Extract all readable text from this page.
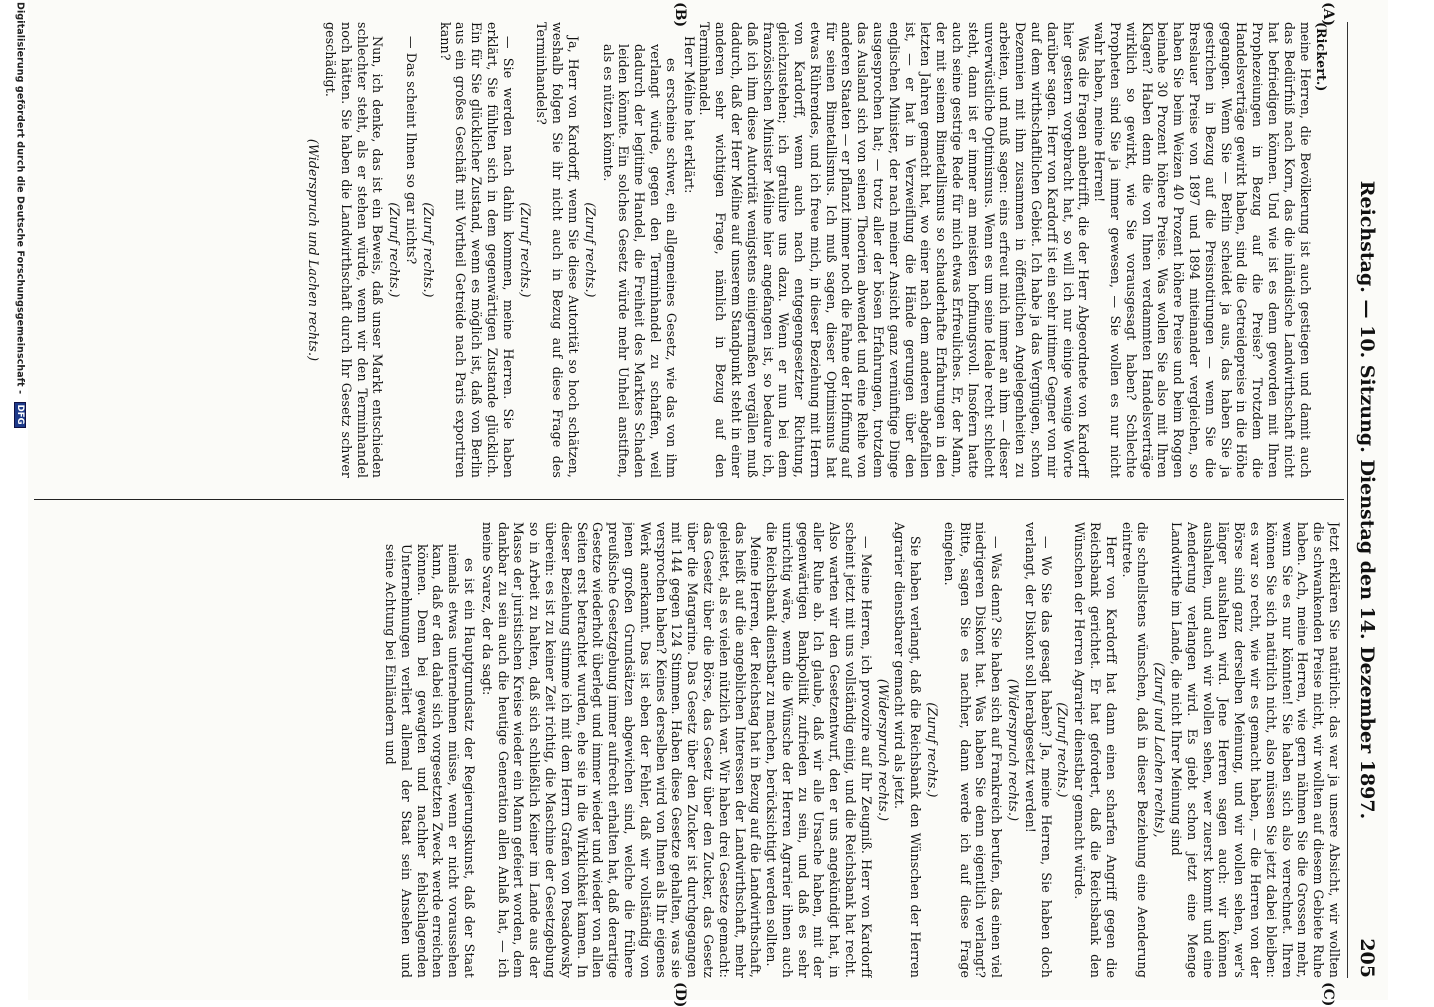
Reichstag. — 10. Sitzung. Dienstag den 14. Dezember 1897.
205
(A)
(B)
(C)
(D)

(Rickert.)

meine Herren, die Bevölkerung ist auch gestiegen und damit auch das Bedürfniß nach Korn, das die inländische Landwirthschaft nicht hat befriedigen können. Und wie ist es denn geworden mit Ihren Prophezeiungen in Bezug auf die Preise? Trotzdem die Handelsverträge gewirkt haben, sind die Getreidepreise in die Höhe gegangen. Wenn Sie — Berlin scheidet ja aus, das haben Sie ja gestrichen in Bezug auf die Preisnotirungen — wenn Sie die Breslauer Preise von 1897 und 1894 miteinander vergleichen, so haben Sie beim Weizen 40 Prozent höhere Preise und beim Roggen beinahe 30 Prozent höhere Preise. Was wollen Sie also mit Ihren Klagen? Haben denn die von Ihnen verdammten Handelsverträge wirklich so gewirkt, wie Sie vorausgesagt haben? Schlechte Propheten sind Sie ja immer gewesen, — Sie wollen es nur nicht wahr haben, meine Herren!

Was die Fragen anbetrifft, die der Herr Abgeordnete von Kardorff hier gestern vorgebracht hat, so will ich nur einige wenige Worte darüber sagen. Herr von Kardorff ist ein sehr intimer Gegner von mir auf dem wirthschaftlichen Gebiet. Ich habe ja das Vergnügen, schon Dezennien mit ihm zusammen in öffentlichen Angelegenheiten zu arbeiten, und muß sagen: eins erfreut mich immer an ihm — dieser unverwüstliche Optimismus. Wenn es um seine Ideale recht schlecht steht, dann ist er immer am meisten hoffnungsvoll. Insofern hatte auch seine gestrige Rede für mich etwas Erfreuliches. Er, der Mann, der mit seinem Bimetallismus so schauderhafte Erfahrungen in den letzten Jahren gemacht hat, wo einer nach dem anderen abgefallen ist, — er hat in Verzweiflung die Hände gerungen über den englischen Minister, der nach meiner Ansicht ganz vernünftige Dinge ausgesprochen hat; — trotz aller der bösen Erfahrungen, trotzdem das Ausland sich von seinen Theorien abwendet und eine Reihe von anderen Staaten — er pflanzt immer noch die Fahne der Hoffnung auf für seinen Bimetallismus. Ich muß sagen, dieser Optimismus hat etwas Rührendes, und ich freue mich, in dieser Beziehung mit Herrn von Kardorff, wenn auch nach entgegengesetzter Richtung, gleichzustehen; ich gratulire uns dazu. Wenn er nun bei dem französischen Minister Méline hier angefangen ist, so bedaure ich, daß ich ihm diese Autorität wenigstens einigermaßen vergällen muß dadurch, daß der Herr Méline auf unserem Standpunkt steht in einer anderen sehr wichtigen Frage, nämlich in Bezug auf den Terminhandel.

Herr Méline hat erklärt:

es erscheine schwer, ein allgemeines Gesetz, wie das von ihm verlangt würde, gegen den Terminhandel zu schaffen, weil dadurch der legitime Handel, die Freiheit des Marktes Schaden leiden könnte. Ein solches Gesetz würde mehr Unheil anstiften, als es nützen könnte.

(Zuruf rechts.)

Ja, Herr von Kardorff, wenn Sie diese Autorität so hoch schätzen, weshalb folgen Sie ihr nicht auch in Bezug auf diese Frage des Terminhandels?

(Zuruf rechts.)

— Sie werden nach dahin kommen, meine Herren. Sie haben erklärt, Sie fühlten sich in dem gegenwärtigen Zustande glücklich. Ein für Sie glücklicher Zustand, wenn es möglich ist, daß von Berlin aus ein großes Geschäft mit Vortheil Getreide nach Paris exportiren kann?

(Zuruf rechts.)

— Das scheint Ihnen so gar nichts?

(Zuruf rechts.)

Nun, ich denke, das ist ein Beweis, daß unser Markt entschieden schlechter steht, als er stehen würde, wenn wir den Terminhandel noch hätten. Sie haben die Landwirthschaft durch Ihr Gesetz schwer geschädigt.

(Widerspruch und Lachen rechts.)

Jetzt erklären Sie natürlich: das war ja unsere Absicht, wir wollten die schwankenden Preise nicht, wir wollten auf diesem Gebiete Ruhe haben. Ach, meine Herren, wie gern nähmen Sie die Grossen mehr, wenn Sie es nur könnten! Sie haben sich also verrechnet. Ihren können Sie sich natürlich nicht, also müssen Sie jetzt dabei bleiben: es war so recht, wie wir es gemacht haben, — die Herren von der Börse sind ganz derselben Meinung, und wir wollen sehen, wer's länger aushalten wird. Jene Herren sagen auch: wir können aushalten, und auch wir wollen sehen, wer zuerst kommt und eine Aenderung verlangen wird. Es giebt schon jetzt eine Menge Landwirthe im Lande, die nicht Ihrer Meinung sind

(Zuruf und Lachen rechts),

die schnellstens wünschen, daß in dieser Beziehung eine Aenderung eintrete.

Herr von Kardorff hat dann einen scharfen Angriff gegen die Reichsbank gerichtet. Er hat gefordert, daß die Reichsbank den Wünschen der Herren Agrarier dienstbar gemacht würde.

(Zuruf rechts.)

— Wo Sie das gesagt haben? Ja, meine Herren, Sie haben doch verlangt, der Diskont soll herabgesetzt werden!

(Widerspruch rechts.)

— Was denn? Sie haben sich auf Frankreich berufen, das einen viel niedrigeren Diskont hat. Was haben Sie denn eigentlich verlangt? Bitte, sagen Sie es nachher, dann werde ich auf diese Frage eingehen.

(Zuruf rechts.)

Sie haben verlangt, daß die Reichsbank den Wünschen der Herren Agrarier dienstbarer gemacht wird als jetzt.

(Widerspruch rechts.)

— Meine Herren, ich provozire auf Ihr Zeugniß. Herr von Kardorff scheint jetzt mit uns vollständig einig, und die Reichsbank hat recht. Also warten wir den Gesetzentwurf, den er uns angekündigt hat, in aller Ruhe ab. Ich glaube, daß wir alle Ursache haben, mit der gegenwärtigen Bankpolitik zufrieden zu sein, und daß es sehr unrichtig wäre, wenn die Wünsche der Herren Agrarier ihnen auch die Reichsbank dienstbar zu machen, berücksichtigt werden sollten.

Meine Herren, der Reichstag hat in Bezug auf die Landwirthschaft, das heißt auf die angeblichen Interessen der Landwirthschaft, mehr geleistet, als es vielen nützlich war. Wir haben drei Gesetze gemacht: das Gesetz über die Börse, das Gesetz über den Zucker, das Gesetz über die Margarine. Das Gesetz über den Zucker ist durchgegangen mit 144 gegen 124 Stimmen. Haben diese Gesetze gehalten, was sie versprochen haben? Keines derselben wird von Ihnen als Ihr eigenes Werk anerkannt. Das ist eben der Fehler, daß wir vollständig von jenen großen Grundsätzen abgewichen sind, welche die frühere preußische Gesetzgebung immer aufrecht erhalten hat, daß derartige Gesetze wiederholt überlegt und immer wieder und wieder von allen Seiten erst betrachtet wurden, ehe sie in die Wirklichkeit kamen. In dieser Beziehung stimme ich mit dem Herrn Grafen von Posadowsky überein: es ist zu keiner Zeit richtig, die Maschine der Gesetzgebung so in Arbeit zu halten, daß sich schließlich Keiner im Lande aus der Masse der juristischen Kreise wieder ein Mann gefeiert worden, dem dankbar zu sein auch die heutige Generation allen Anlaß hat, — ich meine Svarez, der da sagt:

es ist ein Hauptgrundsatz der Regierungskunst, daß der Staat niemals etwas unternehmen müsse, wenn er nicht voraussehen kann, daß er den dabei sich vorgesetzten Zweck werde erreichen können. Denn bei gewagten und nachher fehlschlagenden Unternehmungen verliert allemal der Staat sein Ansehen und seine Achtung bei Einländern und

Digitalisierung gefördert durch die Deutsche Forschungsgemeinschaft - DFG
